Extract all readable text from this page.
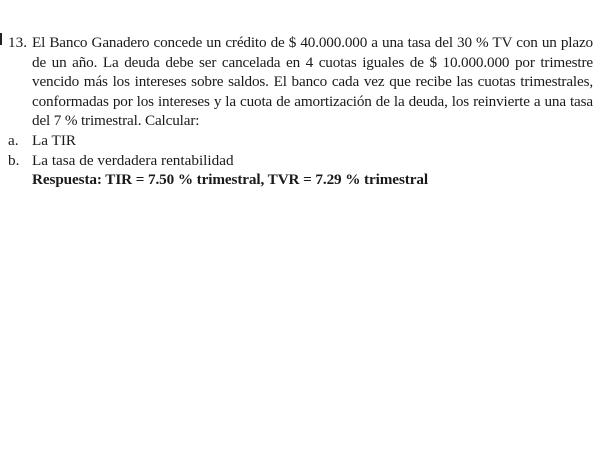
13. El Banco Ganadero concede un crédito de $ 40.000.000 a una tasa del 30 % TV con un plazo de un año. La deuda debe ser cancelada en 4 cuotas iguales de $ 10.000.000 por trimestre vencido más los intereses sobre saldos. El banco cada vez que recibe las cuotas trimestrales, conformadas por los intereses y la cuota de amortización de la deuda, los reinvierte a una tasa del 7 % trimestral. Calcular:
a. La TIR
b. La tasa de verdadera rentabilidad
Respuesta: TIR = 7.50 % trimestral, TVR = 7.29 % trimestral
